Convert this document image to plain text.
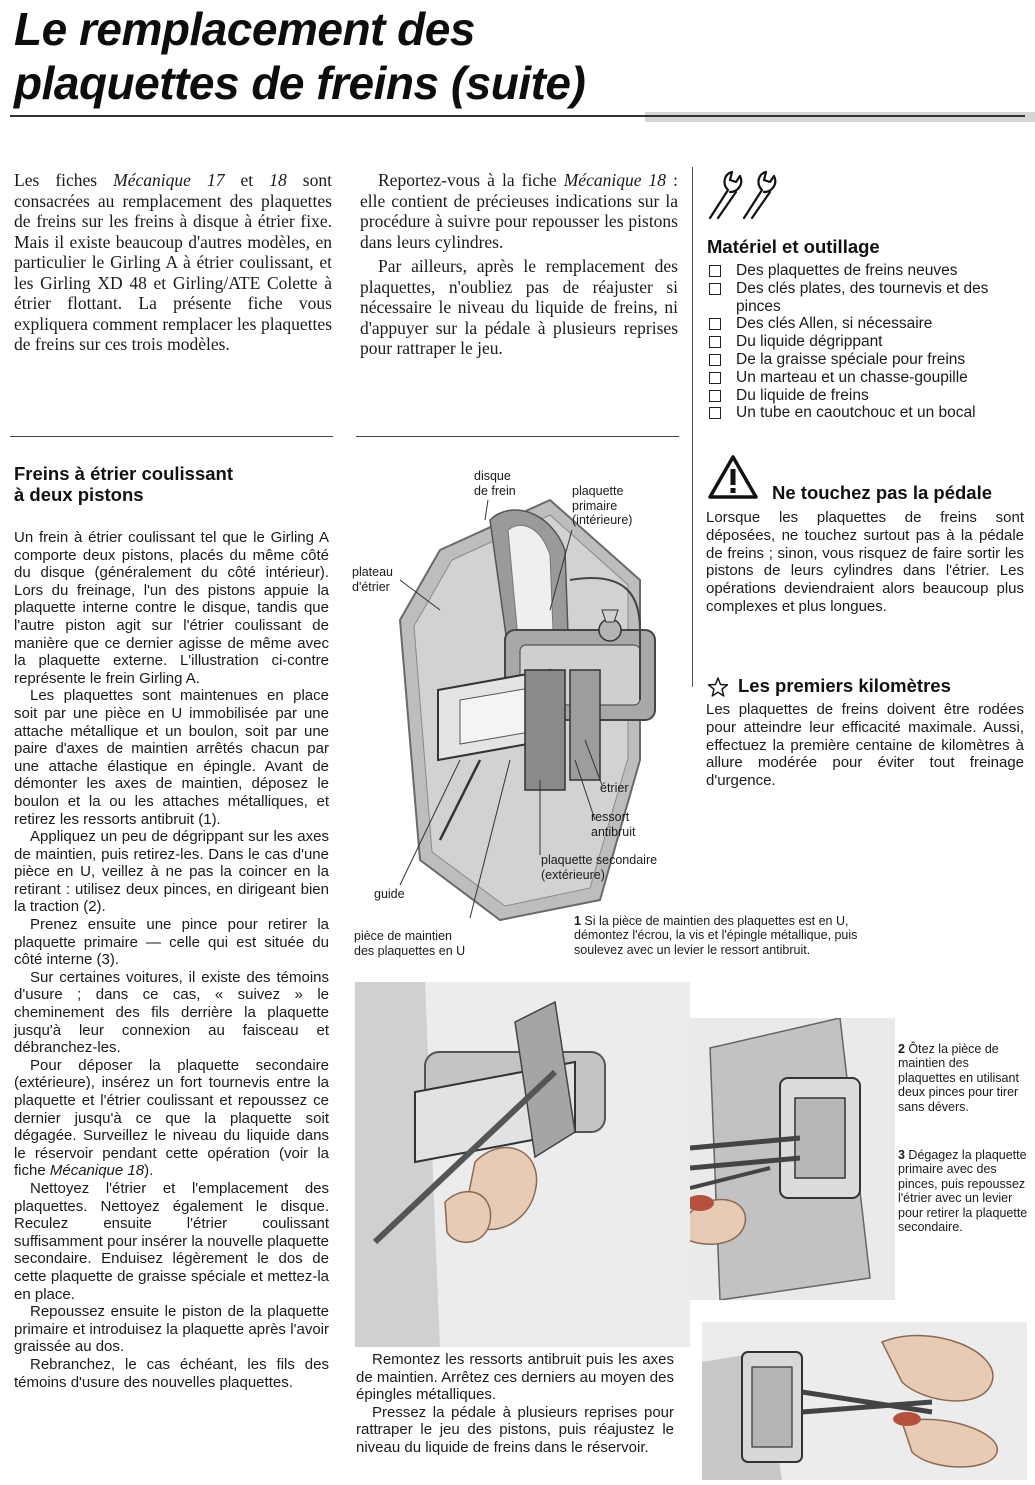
Le remplacement des
plaquettes de freins (suite)

Les fiches Mécanique 17 et 18 sont consacrées au remplacement des plaquettes de freins sur les freins à disque à étrier fixe. Mais il existe beaucoup d'autres modèles, en particulier le Girling A à étrier coulissant, et les Girling XD 48 et Girling/ATE Colette à étrier flottant. La présente fiche vous expliquera comment remplacer les plaquettes de freins sur ces trois modèles.

Reportez-vous à la fiche Mécanique 18 : elle contient de précieuses indications sur la procédure à suivre pour repousser les pistons dans leurs cylindres.

Par ailleurs, après le remplacement des plaquettes, n'oubliez pas de réajuster si nécessaire le niveau du liquide de freins, ni d'appuyer sur la pédale à plusieurs reprises pour rattraper le jeu.

Matériel et outillage
Des plaquettes de freins neuves
Des clés plates, des tournevis et des pinces
Des clés Allen, si nécessaire
Du liquide dégrippant
De la graisse spéciale pour freins
Un marteau et un chasse-goupille
Du liquide de freins
Un tube en caoutchouc et un bocal
Ne touchez pas la pédale

Lorsque les plaquettes de freins sont déposées, ne touchez surtout pas à la pédale de freins ; sinon, vous risquez de faire sortir les pistons de leurs cylindres dans l'étrier. Les opérations deviendraient alors beaucoup plus complexes et plus longues.

Les premiers kilomètres

Les plaquettes de freins doivent être rodées pour atteindre leur efficacité maximale. Aussi, effectuez la première centaine de kilomètres à allure modérée pour éviter tout freinage d'urgence.

Freins à étrier coulissant
à deux pistons

Un frein à étrier coulissant tel que le Girling A comporte deux pistons, placés du même côté du disque (généralement du côté intérieur). Lors du freinage, l'un des pistons appuie la plaquette interne contre le disque, tandis que l'autre piston agit sur l'étrier coulissant de manière que ce dernier agisse de même avec la plaquette externe. L'illustration ci-contre représente le frein Girling A.

Les plaquettes sont maintenues en place soit par une pièce en U immobilisée par une attache métallique et un boulon, soit par une paire d'axes de maintien arrêtés chacun par une attache élastique en épingle. Avant de démonter les axes de maintien, déposez le boulon et la ou les attaches métalliques, et retirez les ressorts antibruit (1).

Appliquez un peu de dégrippant sur les axes de maintien, puis retirez-les. Dans le cas d'une pièce en U, veillez à ne pas la coincer en la retirant : utilisez deux pinces, en dirigeant bien la traction (2).

Prenez ensuite une pince pour retirer la plaquette primaire — celle qui est située du côté interne (3).

Sur certaines voitures, il existe des témoins d'usure ; dans ce cas, « suivez » le cheminement des fils derrière la plaquette jusqu'à leur connexion au faisceau et débranchez-les.

Pour déposer la plaquette secondaire (extérieure), insérez un fort tournevis entre la plaquette et l'étrier coulissant et repoussez ce dernier jusqu'à ce que la plaquette soit dégagée. Surveillez le niveau du liquide dans le réservoir pendant cette opération (voir la fiche Mécanique 18).

Nettoyez l'étrier et l'emplacement des plaquettes. Nettoyez également le disque. Reculez ensuite l'étrier coulissant suffisamment pour insérer la nouvelle plaquette secondaire. Enduisez légèrement le dos de cette plaquette de graisse spéciale et mettez-la en place.

Repoussez ensuite le piston de la plaquette primaire et introduisez la plaquette après l'avoir graissée au dos.

Rebranchez, le cas échéant, les fils des témoins d'usure des nouvelles plaquettes.

disque
de frein	plaquette
primaire
(intérieure)
plateau
d'étrier
étrier
ressort
antibruit
plaquette secondaire
(extérieure)
guide
pièce de maintien
des plaquettes en U
1 Si la pièce de maintien des plaquettes est en U, démontez l'écrou, la vis et l'épingle métallique, puis soulevez avec un levier le ressort antibruit.
2 Ôtez la pièce de maintien des plaquettes en utilisant deux pinces pour tirer sans dévers.
3 Dégagez la plaquette primaire avec des pinces, puis repoussez l'étrier avec un levier pour retirer la plaquette secondaire.

Remontez les ressorts antibruit puis les axes de maintien. Arrêtez ces derniers au moyen des épingles métalliques.

Pressez la pédale à plusieurs reprises pour rattraper le jeu des pistons, puis réajustez le niveau du liquide de freins dans le réservoir.
